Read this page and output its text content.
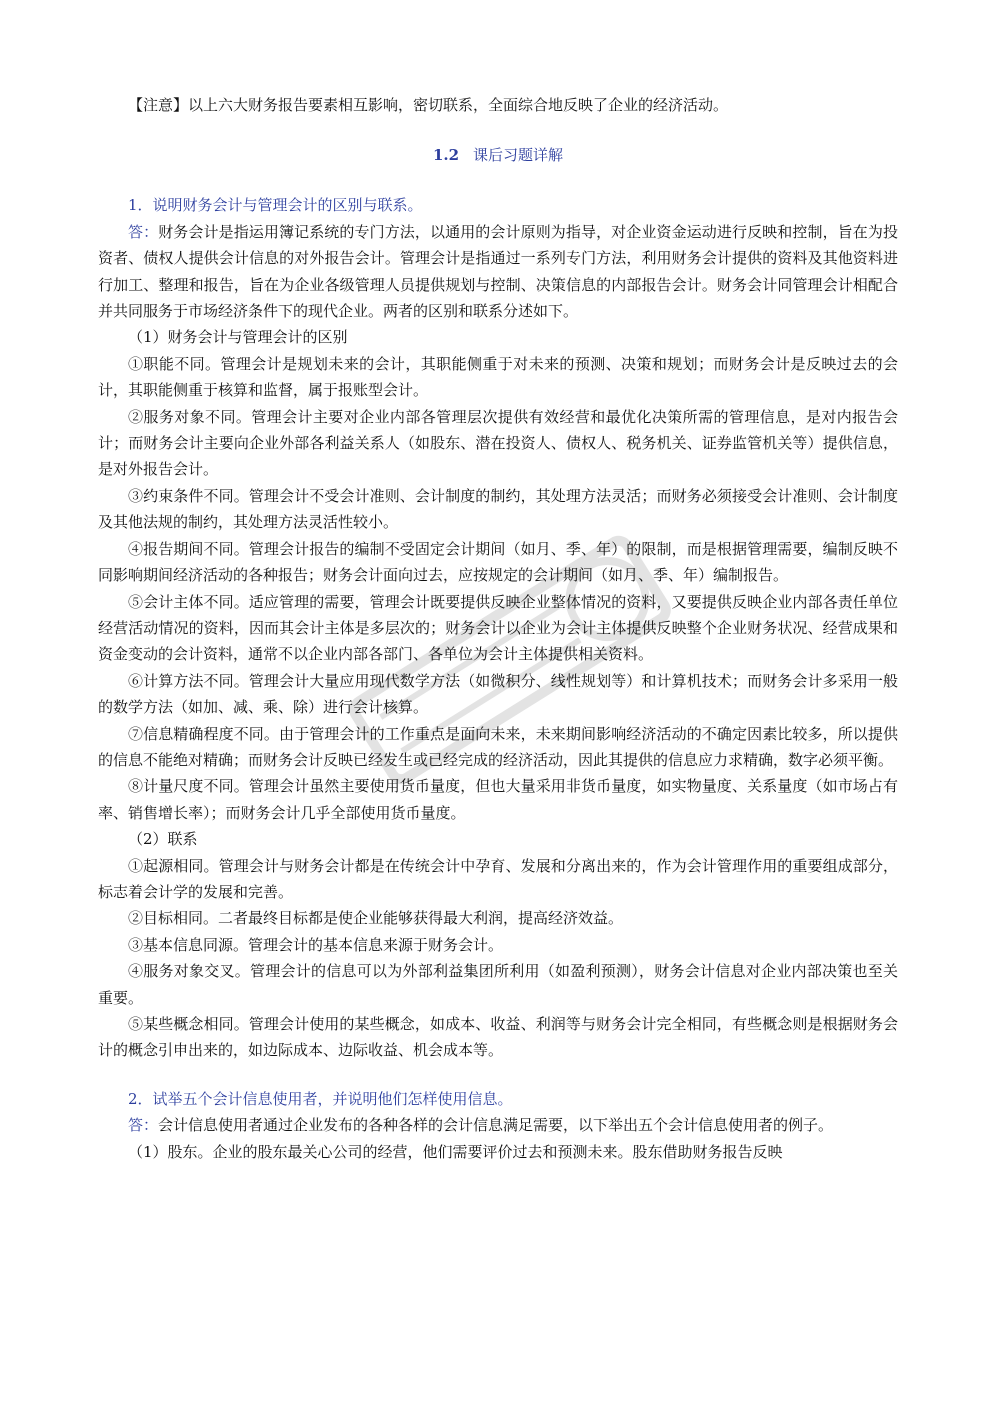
【注意】以上六大财务报告要素相互影响，密切联系，全面综合地反映了企业的经济活动。

1.2 课后习题详解

1．说明财务会计与管理会计的区别与联系。

答：财务会计是指运用簿记系统的专门方法，以通用的会计原则为指导，对企业资金运动进行反映和控制，旨在为投资者、债权人提供会计信息的对外报告会计。管理会计是指通过一系列专门方法，利用财务会计提供的资料及其他资料进行加工、整理和报告，旨在为企业各级管理人员提供规划与控制、决策信息的内部报告会计。财务会计同管理会计相配合并共同服务于市场经济条件下的现代企业。两者的区别和联系分述如下。

（1）财务会计与管理会计的区别

①职能不同。管理会计是规划未来的会计，其职能侧重于对未来的预测、决策和规划；而财务会计是反映过去的会计，其职能侧重于核算和监督，属于报账型会计。

②服务对象不同。管理会计主要对企业内部各管理层次提供有效经营和最优化决策所需的管理信息，是对内报告会计；而财务会计主要向企业外部各利益关系人（如股东、潜在投资人、债权人、税务机关、证券监管机关等）提供信息，是对外报告会计。

③约束条件不同。管理会计不受会计准则、会计制度的制约，其处理方法灵活；而财务必须接受会计准则、会计制度及其他法规的制约，其处理方法灵活性较小。

④报告期间不同。管理会计报告的编制不受固定会计期间（如月、季、年）的限制，而是根据管理需要，编制反映不同影响期间经济活动的各种报告；财务会计面向过去，应按规定的会计期间（如月、季、年）编制报告。

⑤会计主体不同。适应管理的需要，管理会计既要提供反映企业整体情况的资料，又要提供反映企业内部各责任单位经营活动情况的资料，因而其会计主体是多层次的；财务会计以企业为会计主体提供反映整个企业财务状况、经营成果和资金变动的会计资料，通常不以企业内部各部门、各单位为会计主体提供相关资料。

⑥计算方法不同。管理会计大量应用现代数学方法（如微积分、线性规划等）和计算机技术；而财务会计多采用一般的数学方法（如加、减、乘、除）进行会计核算。

⑦信息精确程度不同。由于管理会计的工作重点是面向未来，未来期间影响经济活动的不确定因素比较多，所以提供的信息不能绝对精确；而财务会计反映已经发生或已经完成的经济活动，因此其提供的信息应力求精确，数字必须平衡。

⑧计量尺度不同。管理会计虽然主要使用货币量度，但也大量采用非货币量度，如实物量度、关系量度（如市场占有率、销售增长率）；而财务会计几乎全部使用货币量度。

（2）联系

①起源相同。管理会计与财务会计都是在传统会计中孕育、发展和分离出来的，作为会计管理作用的重要组成部分，标志着会计学的发展和完善。

②目标相同。二者最终目标都是使企业能够获得最大利润，提高经济效益。

③基本信息同源。管理会计的基本信息来源于财务会计。

④服务对象交叉。管理会计的信息可以为外部利益集团所利用（如盈利预测），财务会计信息对企业内部决策也至关重要。

⑤某些概念相同。管理会计使用的某些概念，如成本、收益、利润等与财务会计完全相同，有些概念则是根据财务会计的概念引申出来的，如边际成本、边际收益、机会成本等。

2．试举五个会计信息使用者，并说明他们怎样使用信息。

答：会计信息使用者通过企业发布的各种各样的会计信息满足需要，以下举出五个会计信息使用者的例子。

（1）股东。企业的股东最关心公司的经营，他们需要评价过去和预测未来。股东借助财务报告反映
